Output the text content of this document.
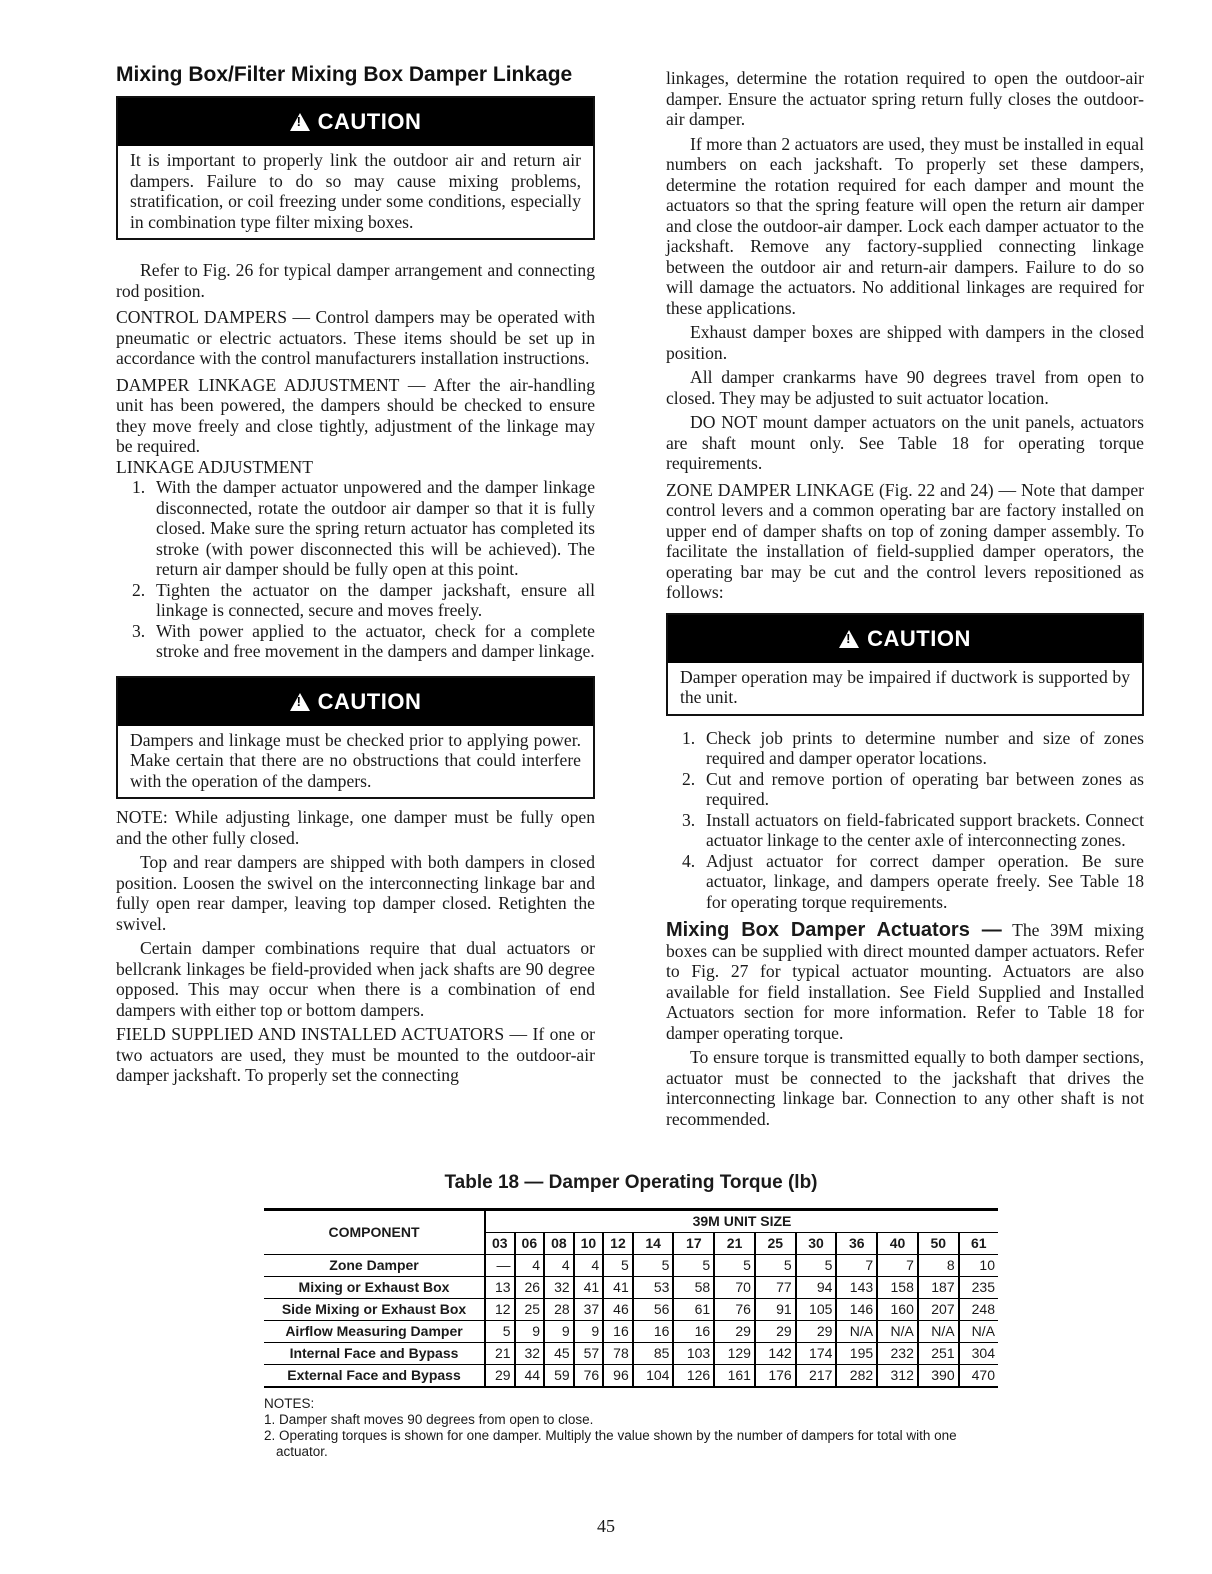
Mixing Box/Filter Mixing Box Damper Linkage
!CAUTION
It is important to properly link the outdoor air and return air dampers. Failure to do so may cause mixing problems, stratification, or coil freezing under some conditions, especially in combination type filter mixing boxes.

Refer to Fig. 26 for typical damper arrangement and connecting rod position.

CONTROL DAMPERS — Control dampers may be operated with pneumatic or electric actuators. These items should be set up in accordance with the control manufacturers installation instructions.

DAMPER LINKAGE ADJUSTMENT — After the air-handling unit has been powered, the dampers should be checked to ensure they move freely and close tightly, adjustment of the linkage may be required.

LINKAGE ADJUSTMENT

1. With the damper actuator unpowered and the damper linkage disconnected, rotate the outdoor air damper so that it is fully closed. Make sure the spring return actuator has completed its stroke (with power disconnected this will be achieved). The return air damper should be fully open at this point.
2. Tighten the actuator on the damper jackshaft, ensure all linkage is connected, secure and moves freely.
3. With power applied to the actuator, check for a complete stroke and free movement in the dampers and damper linkage.
!CAUTION
Dampers and linkage must be checked prior to applying power. Make certain that there are no obstructions that could interfere with the operation of the dampers.

NOTE: While adjusting linkage, one damper must be fully open and the other fully closed.

Top and rear dampers are shipped with both dampers in closed position. Loosen the swivel on the interconnecting linkage bar and fully open rear damper, leaving top damper closed. Retighten the swivel.

Certain damper combinations require that dual actuators or bellcrank linkages be field-provided when jack shafts are 90 degree opposed. This may occur when there is a combination of end dampers with either top or bottom dampers.

FIELD SUPPLIED AND INSTALLED ACTUATORS — If one or two actuators are used, they must be mounted to the outdoor-air damper jackshaft. To properly set the connecting

linkages, determine the rotation required to open the outdoor-air damper. Ensure the actuator spring return fully closes the outdoor-air damper.

If more than 2 actuators are used, they must be installed in equal numbers on each jackshaft. To properly set these dampers, determine the rotation required for each damper and mount the actuators so that the spring feature will open the return air damper and close the outdoor-air damper. Lock each damper actuator to the jackshaft. Remove any factory-supplied connecting linkage between the outdoor air and return-air dampers. Failure to do so will damage the actuators. No additional linkages are required for these applications.

Exhaust damper boxes are shipped with dampers in the closed position.

All damper crankarms have 90 degrees travel from open to closed. They may be adjusted to suit actuator location.

DO NOT mount damper actuators on the unit panels, actuators are shaft mount only. See Table 18 for operating torque requirements.

ZONE DAMPER LINKAGE (Fig. 22 and 24) — Note that damper control levers and a common operating bar are factory installed on upper end of damper shafts on top of zoning damper assembly. To facilitate the installation of field-supplied damper operators, the operating bar may be cut and the control levers repositioned as follows:

!CAUTION
Damper operation may be impaired if ductwork is supported by the unit.
1. Check job prints to determine number and size of zones required and damper operator locations.
2. Cut and remove portion of operating bar between zones as required.
3. Install actuators on field-fabricated support brackets. Connect actuator linkage to the center axle of interconnecting zones.
4. Adjust actuator for correct damper operation. Be sure actuator, linkage, and dampers operate freely. See Table 18 for operating torque requirements.

Mixing Box Damper Actuators — The 39M mixing boxes can be supplied with direct mounted damper actuators. Refer to Fig. 27 for typical actuator mounting. Actuators are also available for field installation. See Field Supplied and Installed Actuators section for more information. Refer to Table 18 for damper operating torque.

To ensure torque is transmitted equally to both damper sections, actuator must be connected to the jackshaft that drives the interconnecting linkage bar. Connection to any other shaft is not recommended.

Table 18 — Damper Operating Torque (lb)
COMPONENT	39M UNIT SIZE													
	03	06	08	10	12	14	17	21	25	30	36	40	50	61
Zone Damper	—	4	4	4	5	5	5	5	5	5	7	7	8	10
Mixing or Exhaust Box	13	26	32	41	41	53	58	70	77	94	143	158	187	235
Side Mixing or Exhaust Box	12	25	28	37	46	56	61	76	91	105	146	160	207	248
Airflow Measuring Damper	5	9	9	9	16	16	16	29	29	29	N/A	N/A	N/A	N/A
Internal Face and Bypass	21	32	45	57	78	85	103	129	142	174	195	232	251	304
External Face and Bypass	29	44	59	76	96	104	126	161	176	217	282	312	390	470
NOTES:
1. Damper shaft moves 90 degrees from open to close.
2. Operating torques is shown for one damper. Multiply the value shown by the number of dampers for total with one actuator.
45
